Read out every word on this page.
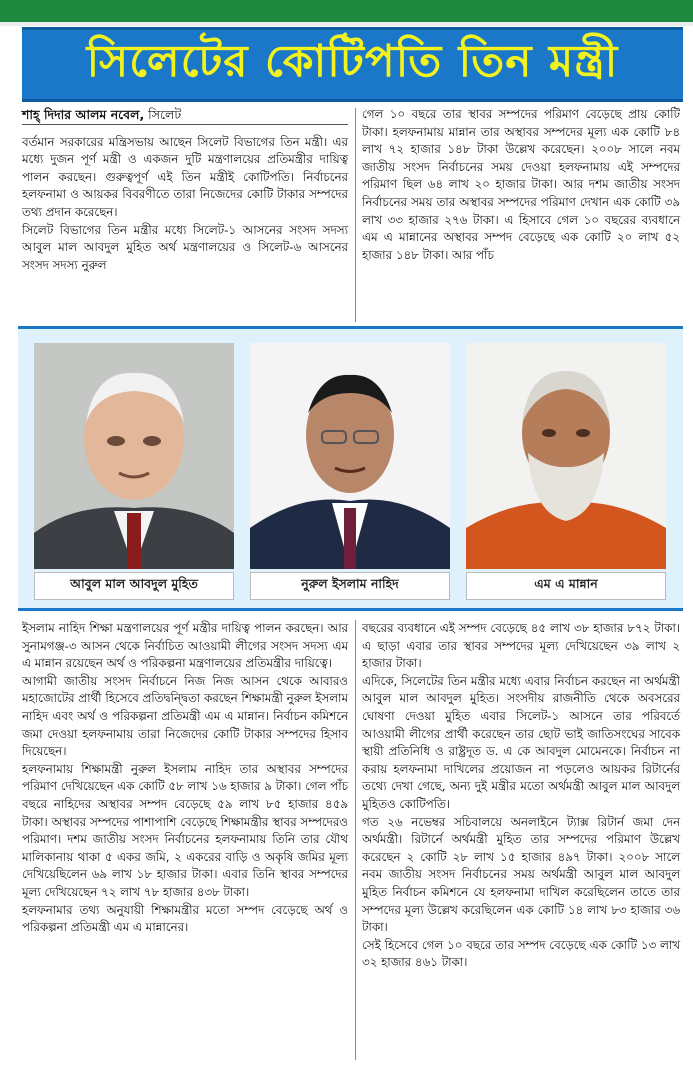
সিলেটের কোটিপতি তিন মন্ত্রী
শাহ্‌ দিদার আলম নবেল, সিলেট

বর্তমান সরকারের মন্ত্রিসভায় আছেন সিলেট বিভাগের তিন মন্ত্রী। এর মধ্যে দুজন পূর্ণ মন্ত্রী ও একজন দুটি মন্ত্রণালয়ের প্রতিমন্ত্রীর দায়িত্ব পালন করছেন। গুরুত্বপূর্ণ এই তিন মন্ত্রীই কোটিপতি। নির্বাচনের হলফনামা ও আয়কর বিবরণীতে তারা নিজেদের কোটি টাকার সম্পদের তথ্য প্রদান করেছেন।

সিলেট বিভাগের তিন মন্ত্রীর মধ্যে সিলেট-১ আসনের সংসদ সদস্য আবুল মাল আবদুল মুহিত অর্থ মন্ত্রণালয়ের ও সিলেট-৬ আসনের সংসদ সদস্য নুরুল

গেল ১০ বছরে তার স্থাবর সম্পদের পরিমাণ বেড়েছে প্রায় কোটি টাকা। হলফনামায় মান্নান তার অস্থাবর সম্পদের মূল্য এক কোটি ৮৪ লাখ ৭২ হাজার ১৪৮ টাকা উল্লেখ করেছেন। ২০০৮ সালে নবম জাতীয় সংসদ নির্বাচনের সময় দেওয়া হলফনামায় এই সম্পদের পরিমাণ ছিল ৬৪ লাখ ২০ হাজার টাকা। আর দশম জাতীয় সংসদ নির্বাচনের সময় তার অস্থাবর সম্পদের পরিমাণ দেখান এক কোটি ৩৯ লাখ ৩৩ হাজার ২৭৬ টাকা। এ হিসাবে গেল ১০ বছরের ব্যবধানে এম এ মান্নানের অস্থাবর সম্পদ বেড়েছে এক কোটি ২০ লাখ ৫২ হাজার ১৪৮ টাকা। আর পাঁচ

আবুল মাল আবদুল মুহিত	নুরুল ইসলাম নাহিদ	এম এ মান্নান

ইসলাম নাহিদ শিক্ষা মন্ত্রণালয়ের পূর্ণ মন্ত্রীর দায়িত্ব পালন করছেন। আর সুনামগঞ্জ-৩ আসন থেকে নির্বাচিত আওয়ামী লীগের সংসদ সদস্য এম এ মান্নান রয়েছেন অর্থ ও পরিকল্পনা মন্ত্রণালয়ের প্রতিমন্ত্রীর দায়িত্বে।

আগামী জাতীয় সংসদ নির্বাচনে নিজ নিজ আসন থেকে আবারও মহাজোটের প্রার্থী হিসেবে প্রতিদ্বন্দ্বিতা করছেন শিক্ষামন্ত্রী নুরুল ইসলাম নাহিদ এবং অর্থ ও পরিকল্পনা প্রতিমন্ত্রী এম এ মান্নান। নির্বাচন কমিশনে জমা দেওয়া হলফনামায় তারা নিজেদের কোটি টাকার সম্পদের হিসাব দিয়েছেন।

হলফনামায় শিক্ষামন্ত্রী নুরুল ইসলাম নাহিদ তার অস্থাবর সম্পদের পরিমাণ দেখিয়েছেন এক কোটি ৫৮ লাখ ১৬ হাজার ৯ টাকা। গেল পাঁচ বছরে নাহিদের অস্থাবর সম্পদ বেড়েছে ৫৯ লাখ ৮৫ হাজার ৪৫৯ টাকা। অস্থাবর সম্পদের পাশাপাশি বেড়েছে শিক্ষামন্ত্রীর স্থাবর সম্পদেরও পরিমাণ। দশম জাতীয় সংসদ নির্বাচনের হলফনামায় তিনি তার যৌথ মালিকানায় থাকা ৫ একর জমি, ২ একরের বাড়ি ও অকৃষি জমির মূল্য দেখিয়েছিলেন ৬৯ লাখ ১৮ হাজার টাকা। এবার তিনি স্থাবর সম্পদের মূল্য দেখিয়েছেন ৭২ লাখ ৭৮ হাজার ৪৩৮ টাকা।

হলফনামার তথ্য অনুযায়ী শিক্ষামন্ত্রীর মতো সম্পদ বেড়েছে অর্থ ও পরিকল্পনা প্রতিমন্ত্রী এম এ মান্নানের।

বছরের ব্যবধানে এই সম্পদ বেড়েছে ৪৫ লাখ ৩৮ হাজার ৮৭২ টাকা। এ ছাড়া এবার তার স্থাবর সম্পদের মূল্য দেখিয়েছেন ৩৯ লাখ ২ হাজার টাকা।

এদিকে, সিলেটের তিন মন্ত্রীর মধ্যে এবার নির্বাচন করছেন না অর্থমন্ত্রী আবুল মাল আবদুল মুহিত। সংসদীয় রাজনীতি থেকে অবসরের ঘোষণা দেওয়া মুহিত এবার সিলেট-১ আসনে তার পরিবর্তে আওয়ামী লীগের প্রার্থী করেছেন তার ছোট ভাই জাতিসংঘের সাবেক স্থায়ী প্রতিনিধি ও রাষ্ট্রদূত ড. এ কে আবদুল মোমেনকে। নির্বাচন না করায় হলফনামা দাখিলের প্রয়োজন না পড়লেও আয়কর রিটার্নের তথ্যে দেখা গেছে, অন্য দুই মন্ত্রীর মতো অর্থমন্ত্রী আবুল মাল আবদুল মুহিতও কোটিপতি।

গত ২৬ নভেম্বর সচিবালয়ে অনলাইনে ট্যাক্স রিটার্ন জমা দেন অর্থমন্ত্রী। রিটার্নে অর্থমন্ত্রী মুহিত তার সম্পদের পরিমাণ উল্লেখ করেছেন ২ কোটি ২৮ লাখ ১৫ হাজার ৪৯৭ টাকা। ২০০৮ সালে নবম জাতীয় সংসদ নির্বাচনের সময় অর্থমন্ত্রী আবুল মাল আবদুল মুহিত নির্বাচন কমিশনে যে হলফনামা দাখিল করেছিলেন তাতে তার সম্পদের মূল্য উল্লেখ করেছিলেন এক কোটি ১৪ লাখ ৮৩ হাজার ৩৬ টাকা।

সেই হিসেবে গেল ১০ বছরে তার সম্পদ বেড়েছে এক কোটি ১৩ লাখ ৩২ হাজার ৪৬১ টাকা।
